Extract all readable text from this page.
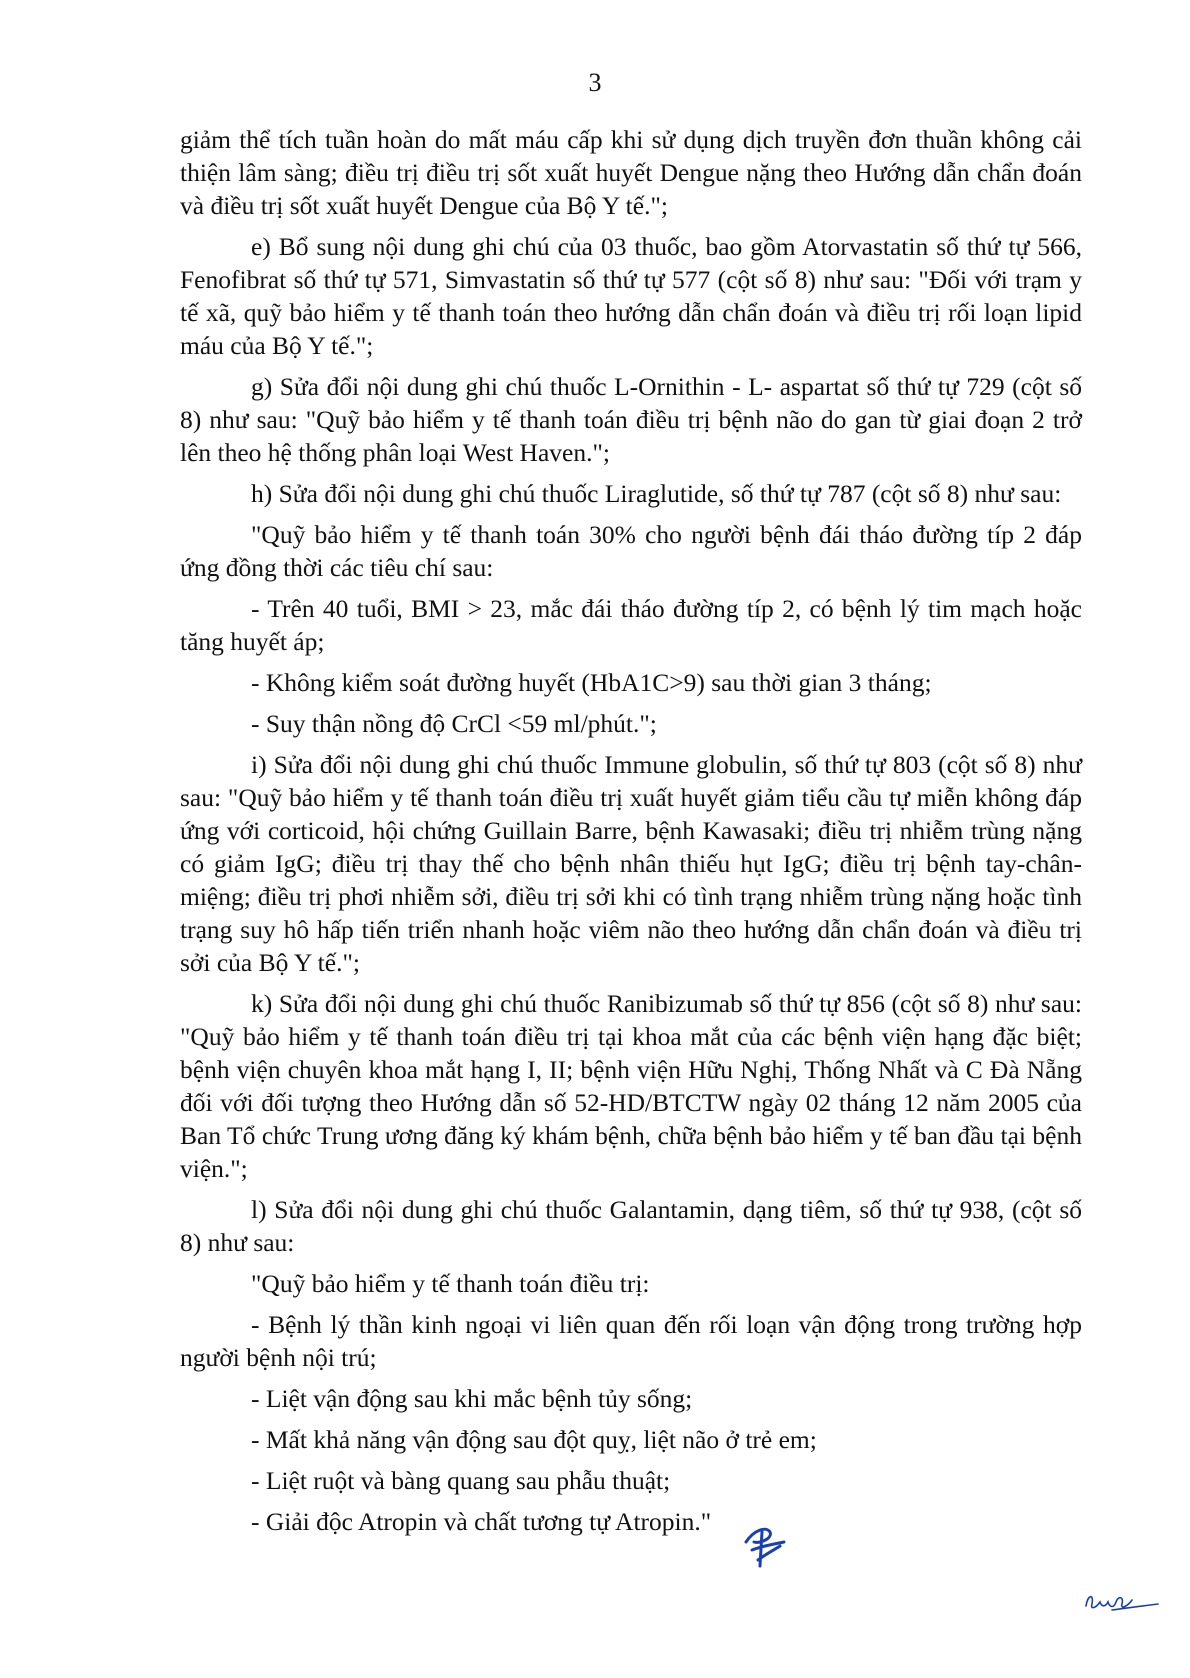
3

giảm thể tích tuần hoàn do mất máu cấp khi sử dụng dịch truyền đơn thuần không cải thiện lâm sàng; điều trị điều trị sốt xuất huyết Dengue nặng theo Hướng dẫn chẩn đoán và điều trị sốt xuất huyết Dengue của Bộ Y tế.";

e) Bổ sung nội dung ghi chú của 03 thuốc, bao gồm Atorvastatin số thứ tự 566, Fenofibrat số thứ tự 571, Simvastatin số thứ tự 577 (cột số 8) như sau: "Đối với trạm y tế xã, quỹ bảo hiểm y tế thanh toán theo hướng dẫn chẩn đoán và điều trị rối loạn lipid máu của Bộ Y tế.";

g) Sửa đổi nội dung ghi chú thuốc L-Ornithin - L- aspartat số thứ tự 729 (cột số 8) như sau: "Quỹ bảo hiểm y tế thanh toán điều trị bệnh não do gan từ giai đoạn 2 trở lên theo hệ thống phân loại West Haven.";

h) Sửa đổi nội dung ghi chú thuốc Liraglutide, số thứ tự 787 (cột số 8) như sau:

"Quỹ bảo hiểm y tế thanh toán 30% cho người bệnh đái tháo đường típ 2 đáp ứng đồng thời các tiêu chí sau:

- Trên 40 tuổi, BMI > 23, mắc đái tháo đường típ 2, có bệnh lý tim mạch hoặc tăng huyết áp;

- Không kiểm soát đường huyết (HbA1C>9) sau thời gian 3 tháng;

- Suy thận nồng độ CrCl <59 ml/phút.";

i) Sửa đổi nội dung ghi chú thuốc Immune globulin, số thứ tự 803 (cột số 8) như sau: "Quỹ bảo hiểm y tế thanh toán điều trị xuất huyết giảm tiểu cầu tự miễn không đáp ứng với corticoid, hội chứng Guillain Barre, bệnh Kawasaki; điều trị nhiễm trùng nặng có giảm IgG; điều trị thay thế cho bệnh nhân thiếu hụt IgG; điều trị bệnh tay-chân-miệng; điều trị phơi nhiễm sởi, điều trị sởi khi có tình trạng nhiễm trùng nặng hoặc tình trạng suy hô hấp tiến triển nhanh hoặc viêm não theo hướng dẫn chẩn đoán và điều trị sởi của Bộ Y tế.";

k) Sửa đổi nội dung ghi chú thuốc Ranibizumab số thứ tự 856 (cột số 8) như sau: "Quỹ bảo hiểm y tế thanh toán điều trị tại khoa mắt của các bệnh viện hạng đặc biệt; bệnh viện chuyên khoa mắt hạng I, II; bệnh viện Hữu Nghị, Thống Nhất và C Đà Nẵng đối với đối tượng theo Hướng dẫn số 52-HD/BTCTW ngày 02 tháng 12 năm 2005 của Ban Tổ chức Trung ương đăng ký khám bệnh, chữa bệnh bảo hiểm y tế ban đầu tại bệnh viện.";

l) Sửa đổi nội dung ghi chú thuốc Galantamin, dạng tiêm, số thứ tự 938, (cột số 8) như sau:

"Quỹ bảo hiểm y tế thanh toán điều trị:

- Bệnh lý thần kinh ngoại vi liên quan đến rối loạn vận động trong trường hợp người bệnh nội trú;

- Liệt vận động sau khi mắc bệnh tủy sống;

- Mất khả năng vận động sau đột quỵ, liệt não ở trẻ em;

- Liệt ruột và bàng quang sau phẫu thuật;

- Giải độc Atropin và chất tương tự Atropin."
